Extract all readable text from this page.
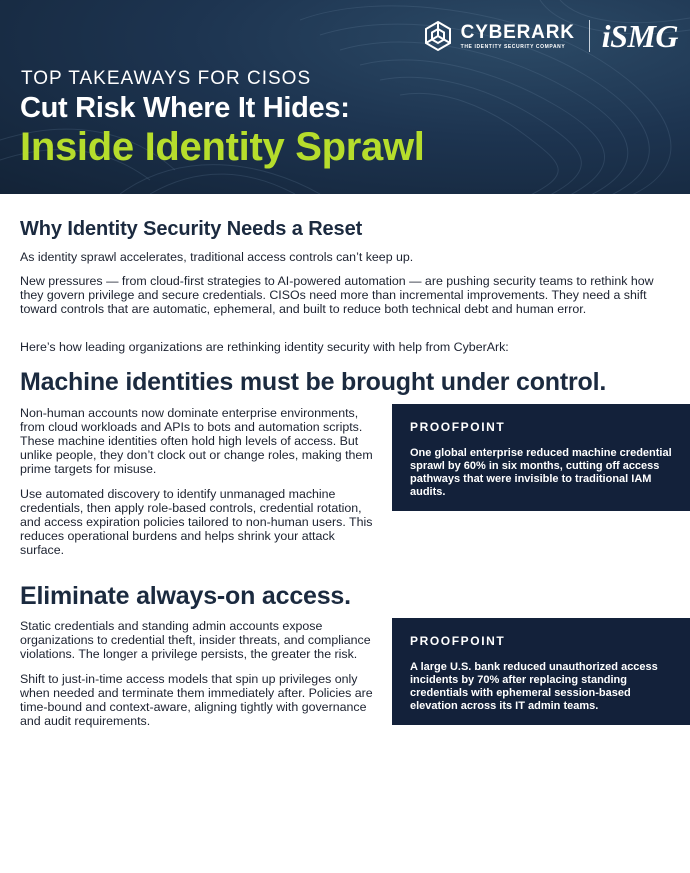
CYBERARK
THE IDENTITY SECURITY COMPANY iSMG
TOP TAKEAWAYS FOR CISOS
Cut Risk Where It Hides:
Inside Identity Sprawl
Why Identity Security Needs a Reset

As identity sprawl accelerates, traditional access controls can’t keep up.

New pressures — from cloud-first strategies to AI-powered automation — are pushing security teams to rethink how they govern privilege and secure credentials. CISOs need more than incremental improvements. They need a shift toward controls that are automatic, ephemeral, and built to reduce both technical debt and human error.

Here’s how leading organizations are rethinking identity security with help from CyberArk:

Machine identities must be brought under control.

Non-human accounts now dominate enterprise environments, from cloud workloads and APIs to bots and automation scripts. These machine identities often hold high levels of access. But unlike people, they don’t clock out or change roles, making them prime targets for misuse.

Use automated discovery to identify unmanaged machine credentials, then apply role-based controls, credential rotation, and access expiration policies tailored to non-human users. This reduces operational burdens and helps shrink your attack surface.

PROOFPOINT
One global enterprise reduced machine credential sprawl by 60% in six months, cutting off access pathways that were invisible to traditional IAM audits.
Eliminate always-on access.

Static credentials and standing admin accounts expose organizations to credential theft, insider threats, and compliance violations. The longer a privilege persists, the greater the risk.

Shift to just-in-time access models that spin up privileges only when needed and terminate them immediately after. Policies are time-bound and context-aware, aligning tightly with governance and audit requirements.

PROOFPOINT
A large U.S. bank reduced unauthorized access incidents by 70% after replacing standing credentials with ephemeral session-based elevation across its IT admin teams.
